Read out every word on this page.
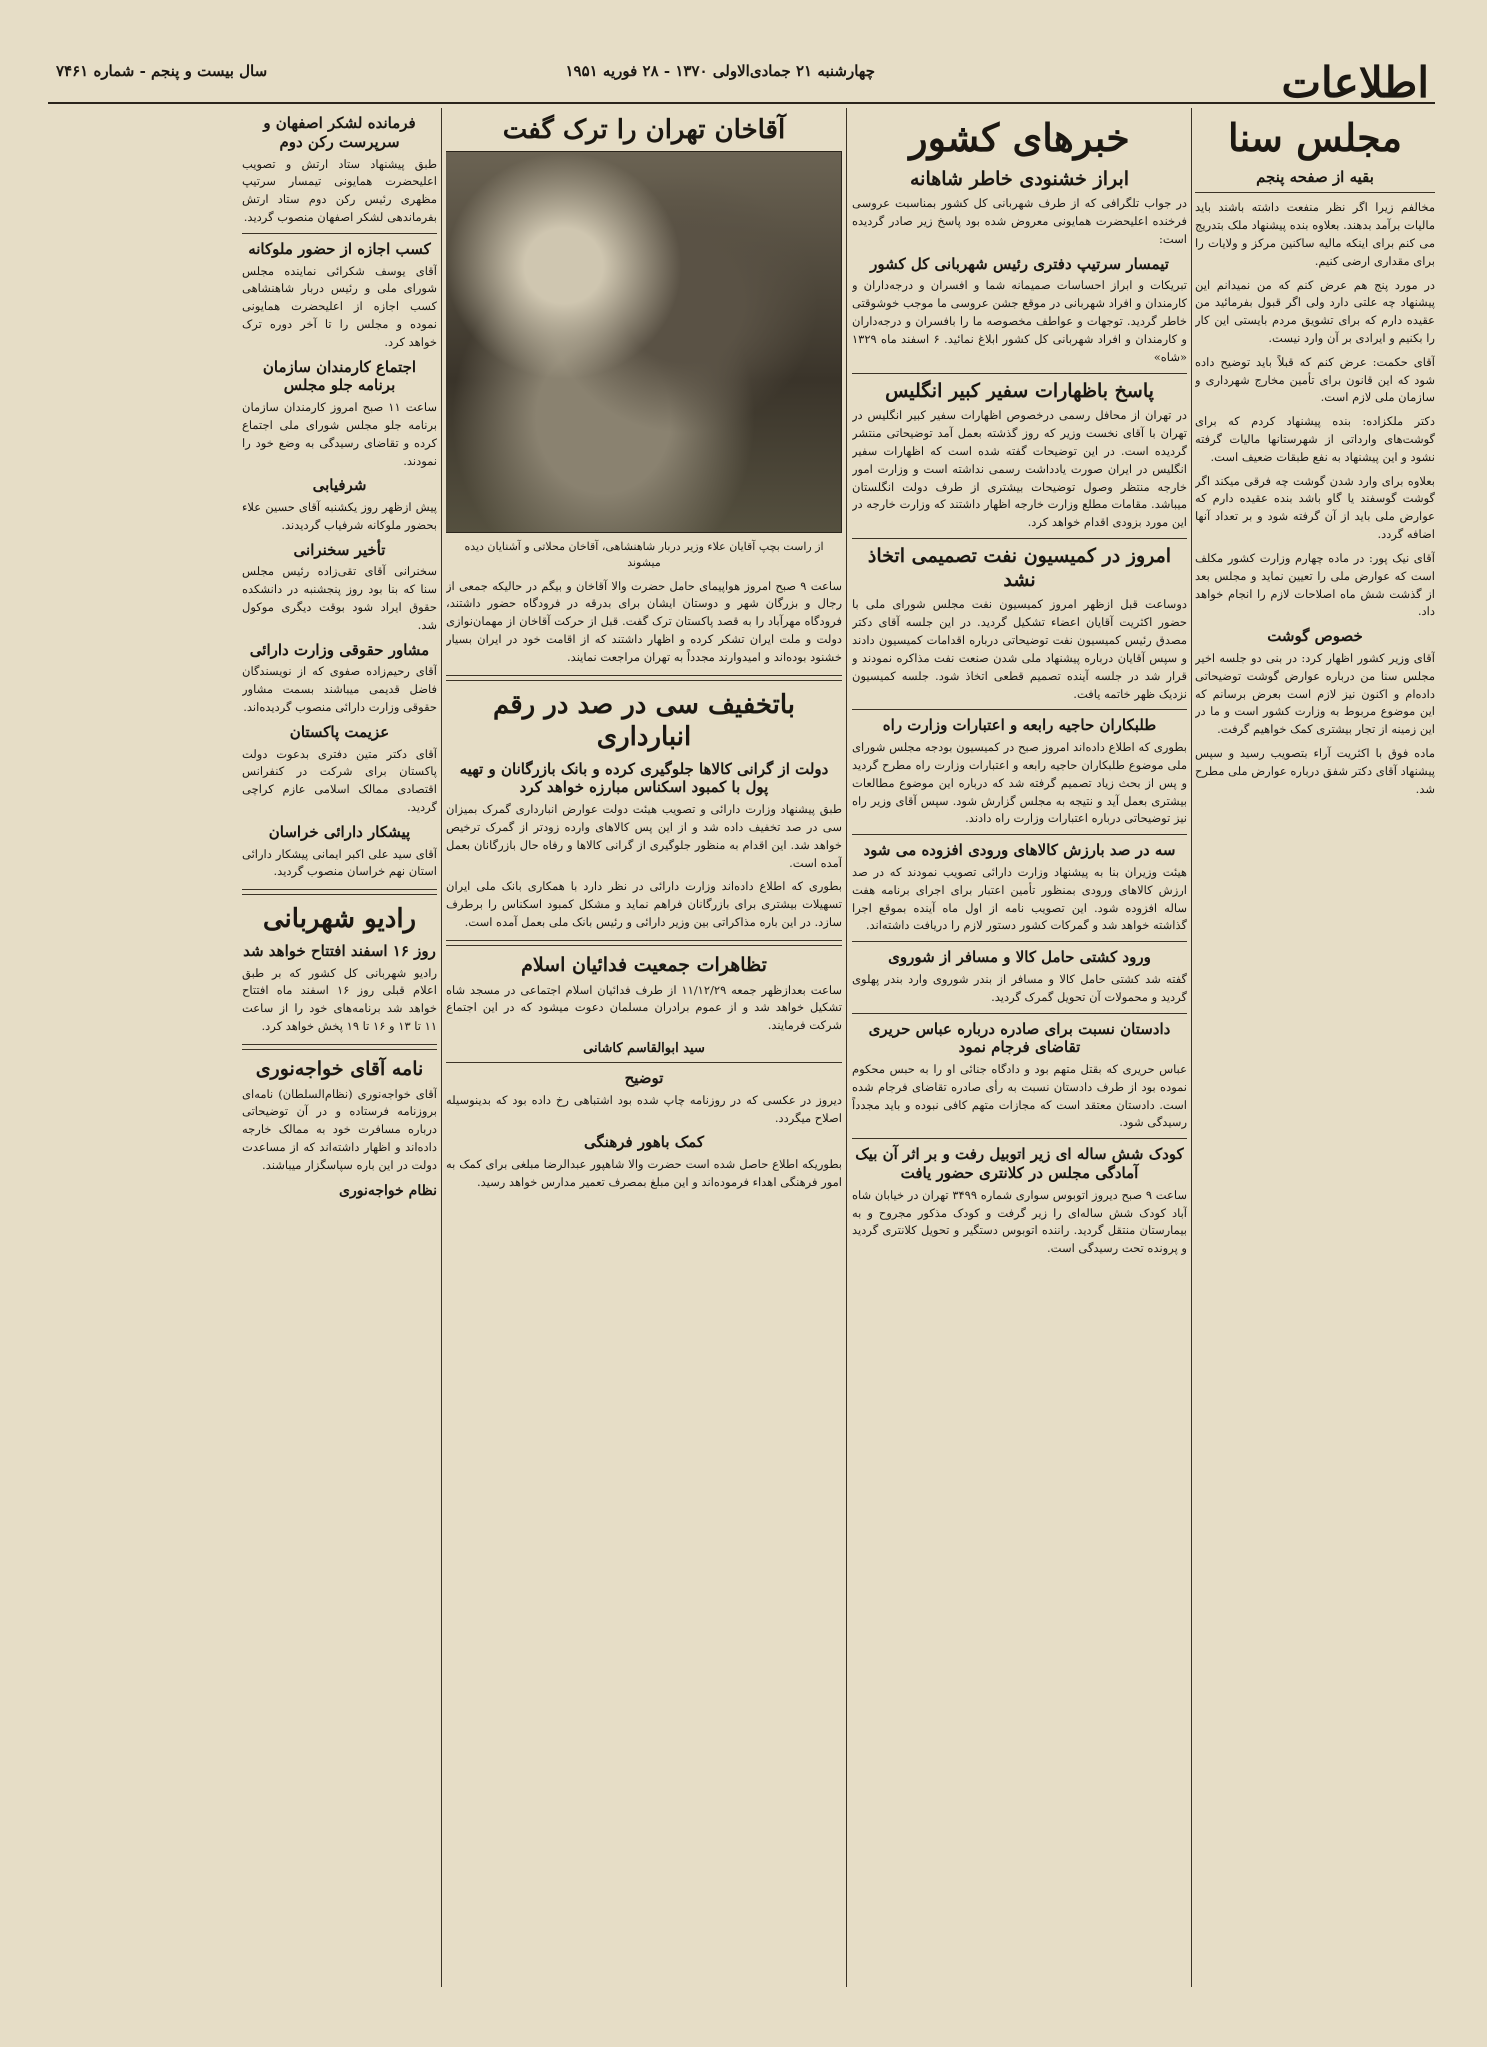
اطلاعات
چهارشنبه ۲۱ جمادی‌الاولی ۱۳۷۰ - ۲۸ فوریه ۱۹۵۱
سال بیست و پنجم - شماره ۷۴۶۱
مجلس سنا
بقیه از صفحه پنجم

مخالفم زیرا اگر نظر منفعت داشته باشند باید مالیات برآمد بدهند. بعلاوه بنده پیشنهاد ملک بتدریج می کنم برای اینکه مالیه ساکنین مرکز و ولایات را برای مقداری ارضی کنیم.

در مورد پنج هم عرض کنم که من نمیدانم این پیشنهاد چه علتی دارد ولی اگر قبول بفرمائید من عقیده دارم که برای تشویق مردم بایستی این کار را بکنیم و ایرادی بر آن وارد نیست.

آقای حکمت: عرض کنم که قبلاً باید توضیح داده شود که این قانون برای تأمین مخارج شهرداری و سازمان ملی لازم است.

دکتر ملکزاده: بنده پیشنهاد کردم که برای گوشت‌های وارداتی از شهرستانها مالیات گرفته نشود و این پیشنهاد به نفع طبقات ضعیف است.

بعلاوه برای وارد شدن گوشت چه فرقی میکند اگر گوشت گوسفند یا گاو باشد بنده عقیده دارم که عوارض ملی باید از آن گرفته شود و بر تعداد آنها اضافه گردد.

آقای نیک پور: در ماده چهارم وزارت کشور مکلف است که عوارض ملی را تعیین نماید و مجلس بعد از گذشت شش ماه اصلاحات لازم را انجام خواهد داد.

خصوص گوشت

آقای وزیر کشور اظهار کرد: در بنی دو جلسه اخیر مجلس سنا من درباره عوارض گوشت توضیحاتی داده‌ام و اکنون نیز لازم است بعرض برسانم که این موضوع مربوط به وزارت کشور است و ما در این زمینه از تجار بیشتری کمک خواهیم گرفت.

ماده فوق با اکثریت آراء بتصویب رسید و سپس پیشنهاد آقای دکتر شفق درباره عوارض ملی مطرح شد.

خبرهای کشور
ابراز خشنودی خاطر شاهانه

در جواب تلگرافی که از طرف شهربانی کل کشور بمناسبت عروسی فرخنده اعلیحضرت همایونی معروض شده بود پاسخ زیر صادر گردیده است:

تیمسار سرتیپ دفتری رئیس شهربانی کل کشور

تبریکات و ابراز احساسات صمیمانه شما و افسران و درجه‌داران و کارمندان و افراد شهربانی در موقع جشن عروسی ما موجب خوشوقتی خاطر گردید. توجهات و عواطف مخصوصه ما را بافسران و درجه‌داران و کارمندان و افراد شهربانی کل کشور ابلاغ نمائید. ۶ اسفند ماه ۱۳۲۹ «شاه»

پاسخ باظهارات سفیر کبیر انگلیس

در تهران از محافل رسمی درخصوص اظهارات سفیر کبیر انگلیس در تهران با آقای نخست وزیر که روز گذشته بعمل آمد توضیحاتی منتشر گردیده است. در این توضیحات گفته شده است که اظهارات سفیر انگلیس در ایران صورت یادداشت رسمی نداشته است و وزارت امور خارجه منتظر وصول توضیحات بیشتری از طرف دولت انگلستان میباشد. مقامات مطلع وزارت خارجه اظهار داشتند که وزارت خارجه در این مورد بزودی اقدام خواهد کرد.

امروز در کمیسیون نفت تصمیمی اتخاذ نشد

دوساعت قبل ازظهر امروز کمیسیون نفت مجلس شورای ملی با حضور اکثریت آقایان اعضاء تشکیل گردید. در این جلسه آقای دکتر مصدق رئیس کمیسیون نفت توضیحاتی درباره اقدامات کمیسیون دادند و سپس آقایان درباره پیشنهاد ملی شدن صنعت نفت مذاکره نمودند و قرار شد در جلسه آینده تصمیم قطعی اتخاذ شود. جلسه کمیسیون نزدیک ظهر خاتمه یافت.

طلبکاران حاجیه رابعه و اعتبارات وزارت راه

بطوری که اطلاع داده‌اند امروز صبح در کمیسیون بودجه مجلس شورای ملی موضوع طلبکاران حاجیه رابعه و اعتبارات وزارت راه مطرح گردید و پس از بحث زیاد تصمیم گرفته شد که درباره این موضوع مطالعات بیشتری بعمل آید و نتیجه به مجلس گزارش شود. سپس آقای وزیر راه نیز توضیحاتی درباره اعتبارات وزارت راه دادند.

سه در صد بارزش کالاهای ورودی افزوده می شود

هیئت وزیران بنا به پیشنهاد وزارت دارائی تصویب نمودند که در صد ارزش کالاهای ورودی بمنظور تأمین اعتبار برای اجرای برنامه هفت ساله افزوده شود. این تصویب نامه از اول ماه آینده بموقع اجرا گذاشته خواهد شد و گمرکات کشور دستور لازم را دریافت داشته‌اند.

ورود کشتی حامل کالا و مسافر از شوروی

گفته شد کشتی حامل کالا و مسافر از بندر شوروی وارد بندر پهلوی گردید و محمولات آن تحویل گمرک گردید.

دادستان نسبت برای صادره درباره عباس حریری تقاضای فرجام نمود

عباس حریری که بقتل متهم بود و دادگاه جنائی او را به حبس محکوم نموده بود از طرف دادستان نسبت به رأی صادره تقاضای فرجام شده است. دادستان معتقد است که مجازات متهم کافی نبوده و باید مجدداً رسیدگی شود.

کودک شش ساله ای زیر اتوبیل رفت و بر اثر آن بیک آمادگی مجلس در کلانتری حضور یافت

ساعت ۹ صبح دیروز اتوبوس سواری شماره ۳۴۹۹ تهران در خیابان شاه آباد کودک شش ساله‌ای را زیر گرفت و کودک مذکور مجروح و به بیمارستان منتقل گردید. راننده اتوبوس دستگیر و تحویل کلانتری گردید و پرونده تحت رسیدگی است.

آقاخان تهران را ترک گفت
از راست بچپ آقایان علاء وزیر دربار شاهنشاهی، آقاخان محلاتی و آشنایان دیده میشوند

ساعت ۹ صبح امروز هواپیمای حامل حضرت والا آقاخان و بیگم در حالیکه جمعی از رجال و بزرگان شهر و دوستان ایشان برای بدرقه در فرودگاه حضور داشتند، فرودگاه مهرآباد را به قصد پاکستان ترک گفت. قبل از حرکت آقاخان از مهمان‌نوازی دولت و ملت ایران تشکر کرده و اظهار داشتند که از اقامت خود در ایران بسیار خشنود بوده‌اند و امیدوارند مجدداً به تهران مراجعت نمایند.

باتخفیف سی در صد در رقم انبارداری
دولت از گرانی کالاها جلوگیری کرده و بانک بازرگانان و تهیه پول با کمبود اسکناس مبارزه خواهد کرد

طبق پیشنهاد وزارت دارائی و تصویب هیئت دولت عوارض انبارداری گمرک بمیزان سی در صد تخفیف داده شد و از این پس کالاهای وارده زودتر از گمرک ترخیص خواهد شد. این اقدام به منظور جلوگیری از گرانی کالاها و رفاه حال بازرگانان بعمل آمده است.

بطوری که اطلاع داده‌اند وزارت دارائی در نظر دارد با همکاری بانک ملی ایران تسهیلات بیشتری برای بازرگانان فراهم نماید و مشکل کمبود اسکناس را برطرف سازد. در این باره مذاکراتی بین وزیر دارائی و رئیس بانک ملی بعمل آمده است.

تظاهرات جمعیت فدائیان اسلام

ساعت بعدازظهر جمعه ۱۱/۱۲/۲۹ از طرف فدائیان اسلام اجتماعی در مسجد شاه تشکیل خواهد شد و از عموم برادران مسلمان دعوت میشود که در این اجتماع شرکت فرمایند.

سید ابوالقاسم کاشانی
توضیح

دیروز در عکسی که در روزنامه چاپ شده بود اشتباهی رخ داده بود که بدینوسیله اصلاح میگردد.

کمک باهور فرهنگی

بطوریکه اطلاع حاصل شده است حضرت والا شاهپور عبدالرضا مبلغی برای کمک به امور فرهنگی اهداء فرموده‌اند و این مبلغ بمصرف تعمیر مدارس خواهد رسید.

فرمانده لشکر اصفهان و سرپرست رکن دوم

طبق پیشنهاد ستاد ارتش و تصویب اعلیحضرت همایونی تیمسار سرتیپ مظهری رئیس رکن دوم ستاد ارتش بفرماندهی لشکر اصفهان منصوب گردید.

کسب اجازه از حضور ملوکانه

آقای یوسف شکرائی نماینده مجلس شورای ملی و رئیس دربار شاهنشاهی کسب اجازه از اعلیحضرت همایونی نموده و مجلس را تا آخر دوره ترک خواهد کرد.

اجتماع کارمندان سازمان برنامه جلو مجلس

ساعت ۱۱ صبح امروز کارمندان سازمان برنامه جلو مجلس شورای ملی اجتماع کرده و تقاضای رسیدگی به وضع خود را نمودند.

شرفیابی

پیش ازظهر روز یکشنبه آقای حسین علاء بحضور ملوکانه شرفیاب گردیدند.

تأخیر سخنرانی

سخنرانی آقای تقی‌زاده رئیس مجلس سنا که بنا بود روز پنجشنبه در دانشکده حقوق ایراد شود بوقت دیگری موکول شد.

مشاور حقوقی وزارت دارائی

آقای رحیم‌زاده صفوی که از نویسندگان فاضل قدیمی میباشند بسمت مشاور حقوقی وزارت دارائی منصوب گردیده‌اند.

عزیمت پاکستان

آقای دکتر متین دفتری بدعوت دولت پاکستان برای شرکت در کنفرانس اقتصادی ممالک اسلامی عازم کراچی گردید.

پیشکار دارائی خراسان

آقای سید علی اکبر ایمانی پیشکار دارائی استان نهم خراسان منصوب گردید.

رادیو شهربانی
روز ۱۶ اسفند افتتاح خواهد شد

رادیو شهربانی کل کشور که بر طبق اعلام قبلی روز ۱۶ اسفند ماه افتتاح خواهد شد برنامه‌های خود را از ساعت ۱۱ تا ۱۳ و ۱۶ تا ۱۹ پخش خواهد کرد.

نامه آقای خواجه‌نوری

آقای خواجه‌نوری (نظام‌السلطان) نامه‌ای بروزنامه فرستاده و در آن توضیحاتی درباره مسافرت خود به ممالک خارجه داده‌اند و اظهار داشته‌اند که از مساعدت دولت در این باره سپاسگزار میباشند.

نظام خواجه‌نوری
